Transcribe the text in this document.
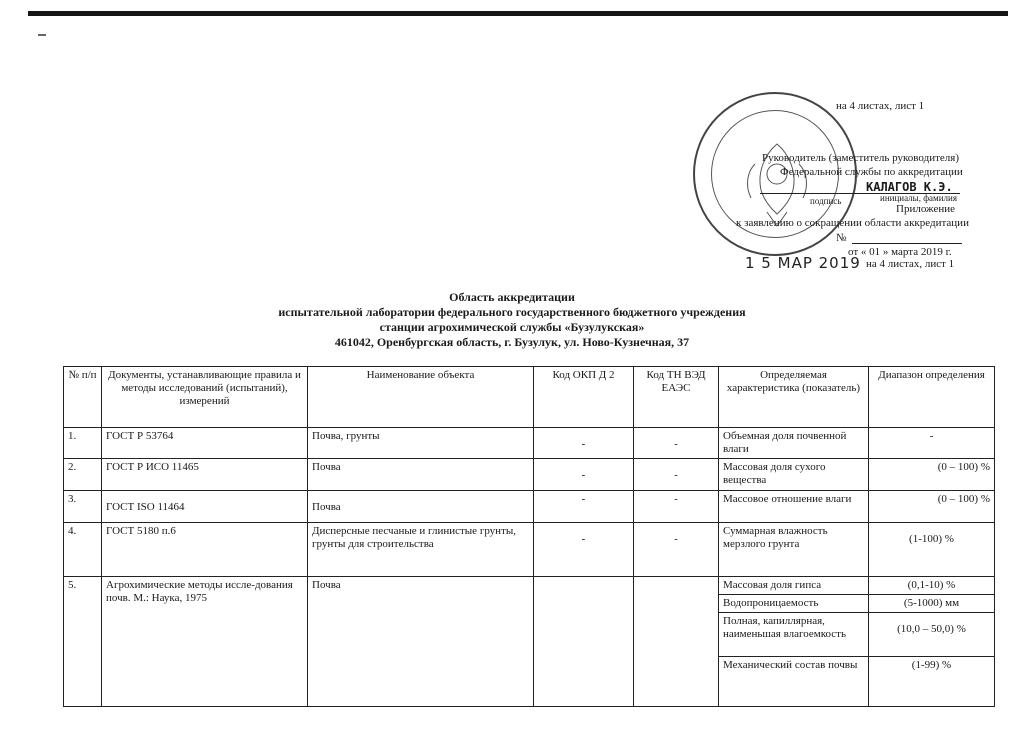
1 5 МАР 2019
на 4 листах, лист 1
Руководитель (заместитель руководителя)
Федеральной службы по аккредитации
КАЛАГОВ К.Э.
подпись	инициалы, фамилия
Приложение
к заявлению о сокращении области аккредитации
№
от « 01 » марта 2019 г.
на 4 листах, лист 1
Область аккредитации
испытательной лаборатории федерального государственного бюджетного учреждения
станции агрохимической службы «Бузулукская»
461042, Оренбургская область, г. Бузулук, ул. Ново-Кузнечная, 37
№ п/п	Документы, устанавливающие правила и методы исследований (испытаний), измерений	Наименование объекта	Код ОКП Д 2	Код ТН ВЭД ЕАЭС	Определяемая характеристика (показатель)	Диапазон определения
1.	ГОСТ Р 53764	Почва, грунты	-	-	Объемная доля почвенной влаги	-
2.	ГОСТ Р ИСО 11465	Почва	-	-	Массовая доля сухого вещества	(0 – 100) %
3.	ГОСТ ISO 11464	Почва	-	-	Массовое отношение влаги	(0 – 100) %
4.	ГОСТ 5180 п.6	Дисперсные песчаные и глинистые грунты, грунты для строительства	-	-	Суммарная влажность мерзлого грунта	(1-100) %
5.	Агрохимические методы иссле-дования почв. М.: Наука, 1975	Почва			Массовая доля гипса	(0,1-10) %
					Водопроницаемость	(5-1000) мм
					Полная, капиллярная, наименьшая влагоемкость	(10,0 – 50,0) %
					Механический состав почвы	(1-99) %
